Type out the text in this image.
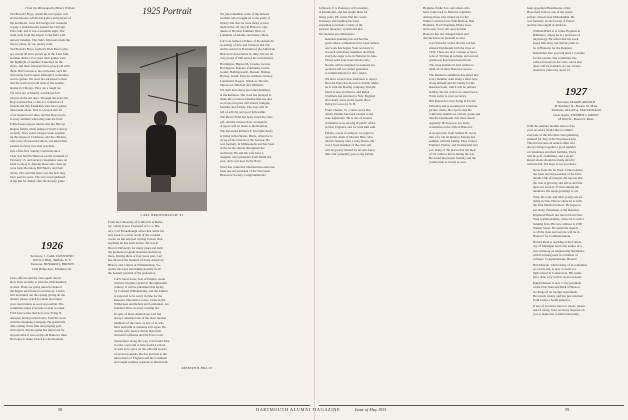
1925 Portrait
From the Minneapolis (Minn.) Tribune
Ted Brown's Boys, whom the newspaper writ-
ers hereabouts call the Dick Rice ball players of
the northwest, were in Chicago last weekend
to play a doubleheader against the Chicago
Polo club, and it was a beautiful sight. The
team went from the airport to the field with
nobody missing. The club's followers made the
trip by plane, by car, and by train.
Ted Brown's Boys, formerly Dick Rice's play-
ers, nearly all have grown up in the Lake Min-
netonka district. For years their games were
the highlight of summer Saturdays on the
shore, and their followers have grown old with
them. Bill Lawrence, the old leader, says the
club never lost its spirit although it sometimes
lost its games. We were not surprised to hear
that the team won both ends of the double-
header in Chicago. They are a tough lot.
We were not ordinarily considered ball
players in the old days. Through the years the
Boys learned that a club is a collection of
friends and that friendship wins more games
than talent alone. That is a lesson that all
of us learned over time, and the Boys prove
it every summer when they take the field.
Eddie Pease reports that he met the Harvey
Rogers family while skiing at North Conway
recently. They spent a happy week together
on the slopes of Cranmore, and the children,
who were all seasoned skiers, out-skied their
parents in every race that was held.
One of the first Sunday Carnivals since
1941 was held in Hanover on the weekend of
February 15, and several classmates were on
hand to enjoy it. Among those who came up
were Jack Morrison, Bill Harris, and their
wives, who said the snow was the best they
have seen in years. The old crowd gathered
at the Inn for dinner after the hockey game.
1926
Secretary, J. CARL TOWNSEND
300 W. 6 Bldg., Buffalo, N. Y.
Treasurer, HOWARD S. BROWN
1041 Ridge Ave., Evanston, Ill.
Class officers and the class agent met in
New York recently to plan the 25th Reunion
in June. Plans are going ahead to make it
the largest and finest in our history. Letters
will be mailed out this spring giving all the
details; please watch for them and return
your reservations as soon as possible. The
committee urges everyone to plan to come.
Fred Lunt writes that he is now living in
Arizona, having retired early from his work
with the telephone company. He spends his
time raising citrus fruit and playing golf,
and reports that his game has improved far
beyond what it was on the old Hanover links.
He hopes to make it back for the Reunion.
CARL BRIDENBAUGH '25
From the University of California at Berke-
ley, which is now Professor of U. S. His-
tory, Carl Bridenbaugh writes that while his
new book is a sober study of the colonial
towns, he has enjoyed writing it more than
anything he has done before. He was at
Brown University for many years and built
the graduate program in American history
there. During three or four years past, Carl
has directed the Institute of Early American
History and Culture at Williamsburg, Va.,
and he has been publishing steadily in all
the learned journals of the profession.
Carl's latest book, Seat of Empire, deals
with the Virginia capital in the eighteenth
century. It will be published this spring
by Colonial Williamsburg, and the edition
is expected to be ready in time for the
Reunion. His earlier works, Cities in the
Wilderness and Rebels and Gentlemen, are
standard titles on every reading list.
In spite of these distinctions Carl has
always remained one of the most modest
members of the class, as any of us who
have seen him at reunions will agree. He
and his wife Jessica divide their time
between California and the East Coast.
Somewhere along the way, Carl found time
to raise a son and to help found a school,
as well as to serve on the editorial boards
of several journals. He has lectured at the
universities of England and the Continent
and taught summer sessions at Dartmouth.
KENNETH H. HILL '25
We just remember some of the famous
teachers who brought us to the study of
history and that we were lucky to hear
them in the old days in Hanover. One
thinks of Herbert Faulkner West, of
Lambuth, of Adams, and many others.
Carl was named a Fellow of the American
Academy of Arts and Sciences last fall,
and he served as President of the American
Historical Association in 1962. We are all
very proud of him and of his contribution.
Harrington, Hepworth, Cowles, Gerow,
Harringron, Roberts, Fairbanks, Curtis,
Gould, Hollingsworth, Pierson, Dunlap,
Harvey, Grudi, Parsons, Johnson, Kelsey,
Lieutenant, Rogers, Winslow, Merrill,
Sherwood, Mitchell and Williams.
We shall have these and other members
at the Reunion. The class has pledged to
make the occasion a memorable one and
we hope everyone will attend, bringing
families and friends. The days will be
full of activity and good fellowship.
The Pierce Fund has been voted the class
gift, and the trustees have accepted it.
A report will be made at the Reunion.
The Reverend Richard P. Ward (Richard)
is living in Rochester, Minn., where he is
rector of the Church of the Saviour. He
was formerly in Minneapolis and has been
active in the church throughout the
northwest. He and his wife have a
daughter who graduated from Smith last
year, and a son now in the Navy.
Word has come that Sherman Knowles has
been elected president of the Worcester
Historical Society. Congratulations!
58	DARTMOUTH ALUMNI MAGAZINE
Jefferson. It is Professor of Economics
at Dartmouth, and has taught there for
many years. He writes that his course
in money and banking has been
expanded to include a study of the
postwar monetary system and that
his students are enthusiastic.
Reunion planning has reached the
point where committees have been named
and work has begun. Your secretary is
in touch with many members and finds
everyone eager to be in Hanover in June.
Please send your reservations early.
Rooms will be assigned as requests are
received and we cannot guarantee
accommodations for late comers.
We have several new addresses to report.
Howard Piper has moved to Seattle where
he is with the Boeing company. Dwight
Mack is now in Denver, and Ralph
Chalmers has returned to New England
after many years in the South. He is
living in Concord, N. H.
From Chester, Vt., comes word that
Albert Perkins has been elected to the
state legislature. He is one of several
classmates now serving in public office
in New England, and we wish him well.
Finally, a note of sadness: we regret to
report the death of Morton Hale, who
died in January after a long illness. He
was a loyal member of the class and
will be greatly missed by all who knew
him. Our sympathy goes to his family.
Hopkins, Eddie Fox, and others who
have come back to Hanover regularly.
Among those who turned up for the
Winter Carnival were Walt Hanlon, Bud
Brainerd, Fred Chapman, Henry Geer,
and Lester Scott. All reported that
Hanover has not changed much and
that the Inn is as pleasant as ever.
Carl Schaefer writes that his son has
entered Dartmouth with the class of
1955. There are now a dozen or more
sons of '26 men in college, and several
grandsons have been heard from.
The class extends its best wishes to
them all on their Hanover careers.
The Reunion committee has asked that
every member send along a short note
about himself and his family for the
Reunion book, which will be printed
in May. Do not wait to be asked twice.
Write today to your secretary.
Bill Peterson is now living in Pacific
Palisades and is working for a motion
picture studio. He reports that the
California alumni are a lively group and
that the Dartmouth club there meets
regularly. He hopes to see many
classmates at the 25th in Hanover.
A recent letter from Samuel B. Gerry
tells of a trip he made to Europe last
summer with his family. They visited
England, France, and Switzerland and
saw many of the places that the men
of '26 came to know during the war.
He found the people friendly and the
countryside as lovely as ever.
been appointed Headmaster of the
Haverford School, one of the oldest
private schools near Philadelphia. He
was formerly on the faculty at Exeter
and has also taught at Andover.
William Baird is at Johns Hopkins in
Baltimore, where he is a professor of
physiology. He writes that his work
keeps him busy, but that he plans to
be in Hanover for the Reunion.
Remember also you will need a costume
for the parade. The committee has
ordered blazers in the class colors and
these will be available at cost. Orders
should be placed by April 15.
1927
Secretary, DOANE ARNOLD
30 Newbury St., Boston 16, Mass.
Treasurer, ALLAN A. MACDONALD
Class Agent, STEPHEN J. GREEN
18 Wall St., Boston 9, Mass.
With the summer months ahead of us,
your secretary would like to remind
everyone of the informal class gathering
planned for July at the Woodstock Inn.
This has become an annual affair and
always brings together a good number
of classmates and their families. There
will be golf, swimming, and a picnic.
Reservations should be made directly
with the Inn. We hope to see you there.
News from the far West: Clinton Ames
has been elected president of the Dart-
mouth Club of Oregon. He reports that
the club is growing and active and that
there are several '27 men among the
members. He sends greetings to all.
Toby, his wife, and their young son are
living in New Haven where he is with
the Yale Medical School. He hopes to
see many classmates at the Reunion.
Raymond Beach has moved from New
York to Philadelphia, where he is with a
banking firm. His new address is 1500
Walnut Street. He sends his regards
to all the class and says he will be in
Hanover for Commencement.
Harold Ryan is teaching at the Univer-
sity of Michigan and is the author of a
new textbook on engineering mechanics
which is being used in a number of
colleges. Congratulations, Harold!
Bob Duncan, whom many of us remember
as a track star, is now a coach at a
high school in Connecticut. His teams
have done very well in recent seasons.
Ralph Hanson is now a vice president
of the First National Bank of Boston,
in charge of its foreign department.
He travels widely and has just returned
from a trip to South America.
If any of you have news to report, please
send it along. Your secretary depends on
you to make this column interesting.
Issue of May 1951	59
